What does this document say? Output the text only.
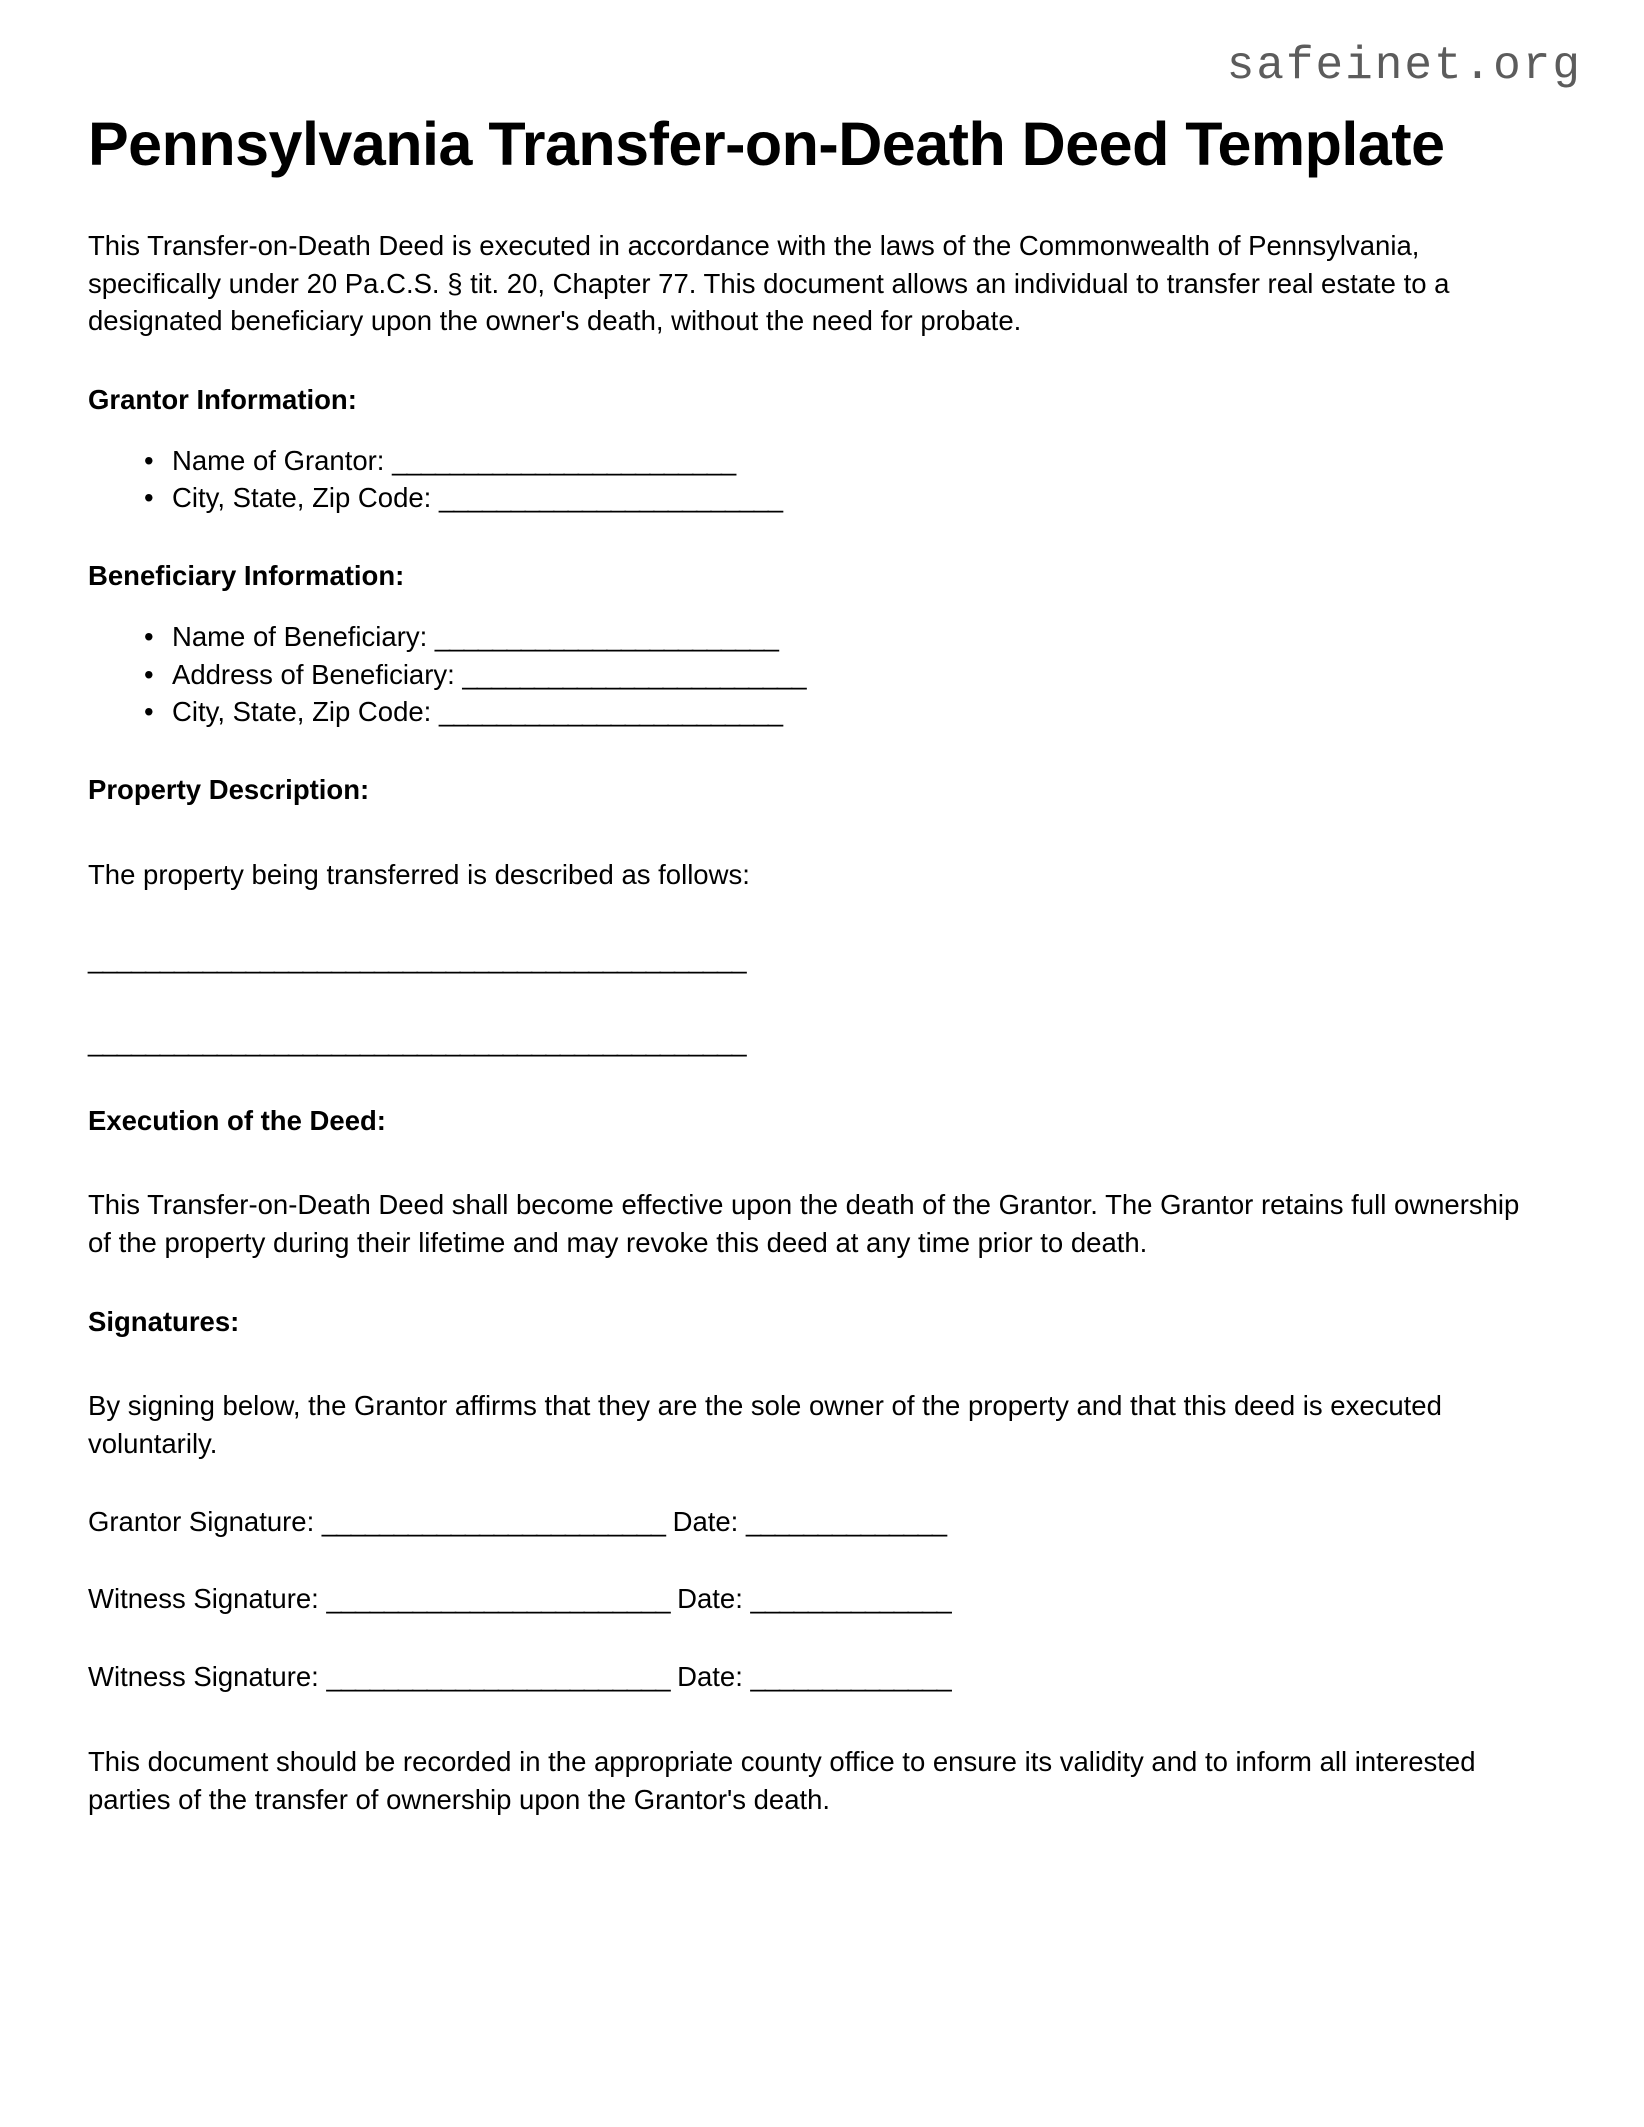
safeinet.org
Pennsylvania Transfer-on-Death Deed Template

This Transfer-on-Death Deed is executed in accordance with the laws of the Commonwealth of Pennsylvania, specifically under 20 Pa.C.S. § tit. 20, Chapter 77. This document allows an individual to transfer real estate to a designated beneficiary upon the owner's death, without the need for probate.

Grantor Information:
• Name of Grantor: ________________________
• City, State, Zip Code: ________________________
Beneficiary Information:
• Name of Beneficiary: ________________________
• Address of Beneficiary: ________________________
• City, State, Zip Code: ________________________
Property Description:

The property being transferred is described as follows:

______________________________________________

______________________________________________

Execution of the Deed:

This Transfer-on-Death Deed shall become effective upon the death of the Grantor. The Grantor retains full ownership of the property during their lifetime and may revoke this deed at any time prior to death.

Signatures:

By signing below, the Grantor affirms that they are the sole owner of the property and that this deed is executed voluntarily.

Grantor Signature: ________________________ Date: ______________

Witness Signature: ________________________ Date: ______________

Witness Signature: ________________________ Date: ______________

This document should be recorded in the appropriate county office to ensure its validity and to inform all interested parties of the transfer of ownership upon the Grantor's death.
